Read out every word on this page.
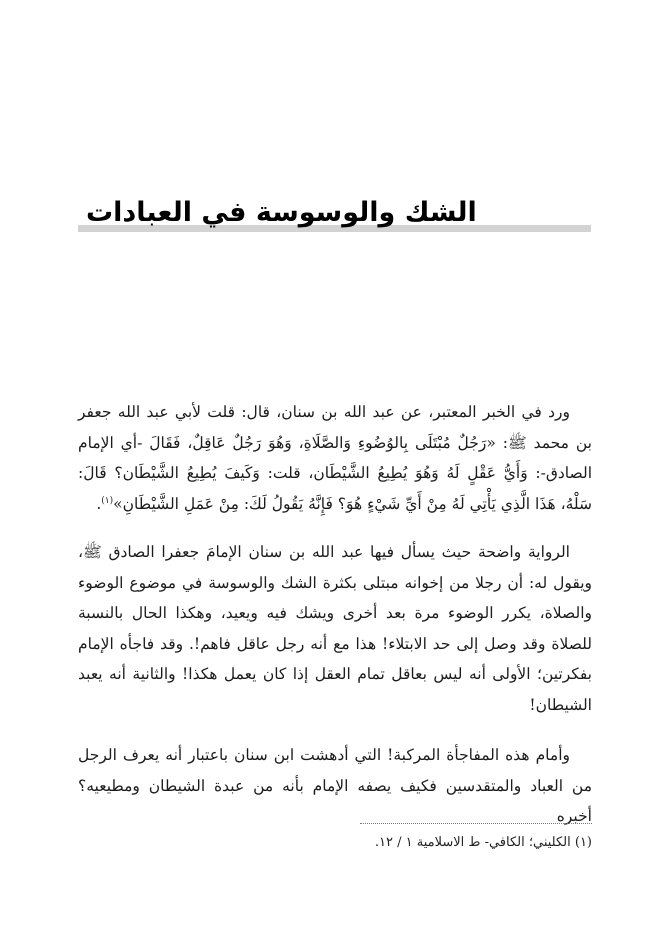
الشك والوسوسة في العبادات

ورد في الخبر المعتبر، عن عبد الله بن سنان، قال: قلت لأبي عبد الله جعفر بن محمد ﷺ: «رَجُلٌ مُبْتَلَى بِالوُضُوءِ وَالصَّلَاةِ، وَهُوَ رَجُلٌ عَاقِلٌ، فَقَالَ -أي الإمام الصادق-: وَأَيُّ عَقْلٍ لَهُ وَهُوَ يُطِيعُ الشَّيْطَان، قلت: وَكَيفَ يُطِيعُ الشَّيْطَان؟ قَالَ: سَلْهُ، هَذَا الَّذِي يَأْتِي لَهُ مِنْ أَيِّ شَيْءٍ هُوَ؟ فَإِنَّهُ يَقُولُ لَكَ: مِنْ عَمَلِ الشَّيْطَانِ»$^{(١)}$.

الرواية واضحة حيث يسأل فيها عبد الله بن سنان الإمامَ جعفرا الصادق ﷺ، ويقول له: أن رجلا من إخوانه مبتلى بكثرة الشك والوسوسة في موضوع الوضوء والصلاة، يكرر الوضوء مرة بعد أخرى ويشك فيه ويعيد، وهكذا الحال بالنسبة للصلاة وقد وصل إلى حد الابتلاء! هذا مع أنه رجل عاقل فاهم!. وقد فاجأه الإمام بفكرتين؛ الأولى أنه ليس بعاقل تمام العقل إذا كان يعمل هكذا! والثانية أنه يعبد الشيطان!

وأمام هذه المفاجأة المركبة! التي أدهشت ابن سنان باعتبار أنه يعرف الرجل من العباد والمتقدسين فكيف يصفه الإمام بأنه من عبدة الشيطان ومطيعيه؟ أخبره

(١) الكليني؛ الكافي- ط الاسلامية ١ / ١٢.
